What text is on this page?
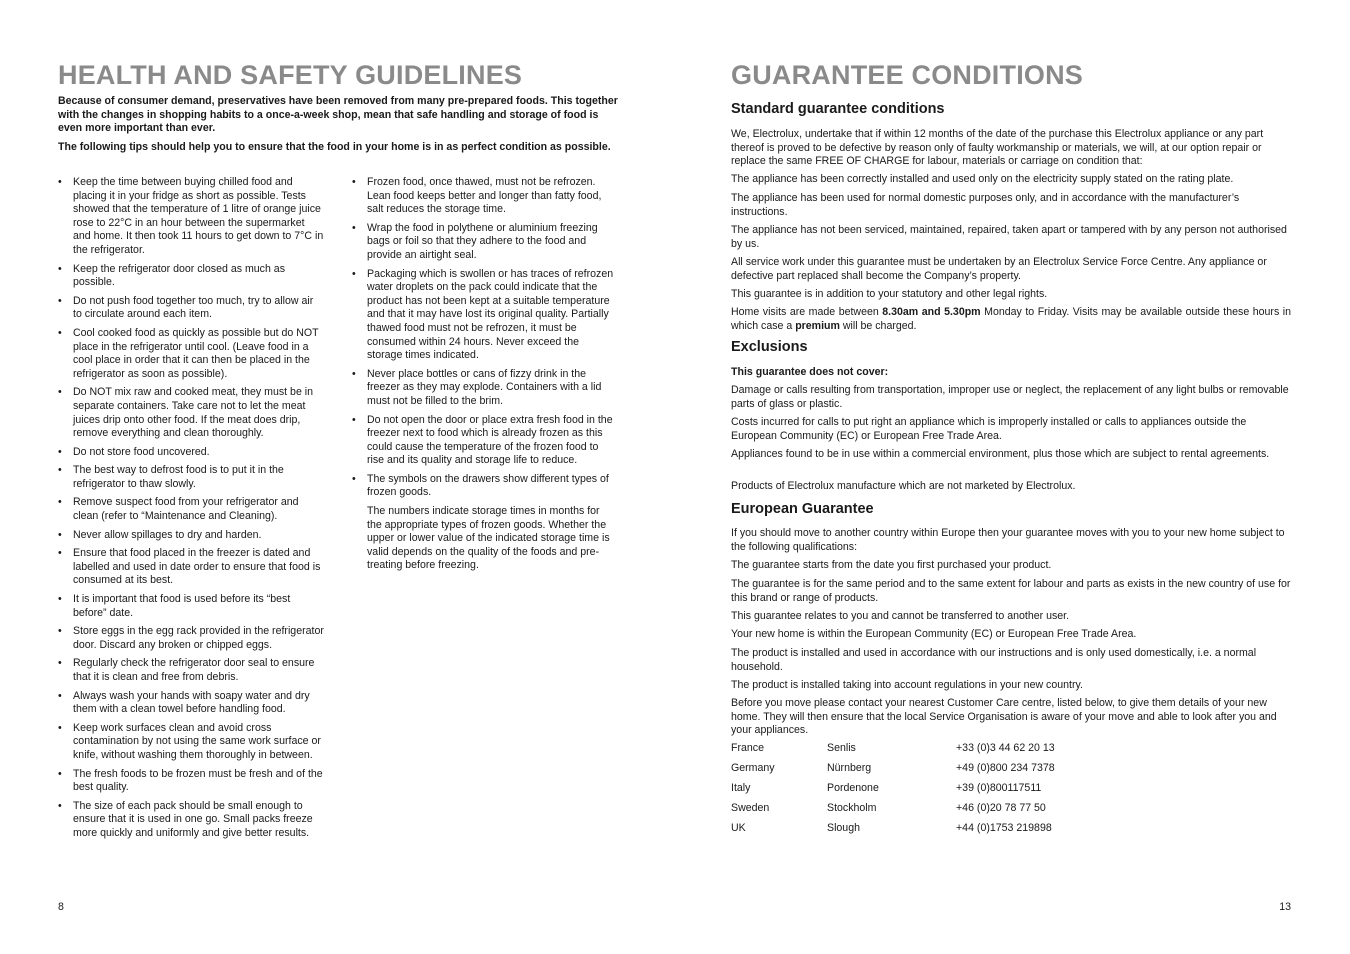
HEALTH AND SAFETY GUIDELINES

Because of consumer demand, preservatives have been removed from many pre-prepared foods. This together with the changes in shopping habits to a once-a-week shop, mean that safe handling and storage of food is even more important than ever.

The following tips should help you to ensure that the food in your home is in as perfect condition as possible.

• Keep the time between buying chilled food and placing it in your fridge as short as possible. Tests showed that the temperature of 1 litre of orange juice rose to 22°C in an hour between the supermarket and home. It then took 11 hours to get down to 7°C in the refrigerator.
• Keep the refrigerator door closed as much as possible.
• Do not push food together too much, try to allow air to circulate around each item.
• Cool cooked food as quickly as possible but do NOT place in the refrigerator until cool. (Leave food in a cool place in order that it can then be placed in the refrigerator as soon as possible).
• Do NOT mix raw and cooked meat, they must be in separate containers. Take care not to let the meat juices drip onto other food. If the meat does drip, remove everything and clean thoroughly.
• Do not store food uncovered.
• The best way to defrost food is to put it in the refrigerator to thaw slowly.
• Remove suspect food from your refrigerator and clean (refer to “Maintenance and Cleaning).
• Never allow spillages to dry and harden.
• Ensure that food placed in the freezer is dated and labelled and used in date order to ensure that food is consumed at its best.
• It is important that food is used before its “best before” date.
• Store eggs in the egg rack provided in the refrigerator door. Discard any broken or chipped eggs.
• Regularly check the refrigerator door seal to ensure that it is clean and free from debris.
• Always wash your hands with soapy water and dry them with a clean towel before handling food.
• Keep work surfaces clean and avoid cross contamination by not using the same work surface or knife, without washing them thoroughly in between.
• The fresh foods to be frozen must be fresh and of the best quality.
• The size of each pack should be small enough to ensure that it is used in one go. Small packs freeze more quickly and uniformly and give better results.
• Frozen food, once thawed, must not be refrozen. Lean food keeps better and longer than fatty food, salt reduces the storage time.
• Wrap the food in polythene or aluminium freezing bags or foil so that they adhere to the food and provide an airtight seal.
• Packaging which is swollen or has traces of refrozen water droplets on the pack could indicate that the product has not been kept at a suitable temperature and that it may have lost its original quality. Partially thawed food must not be refrozen, it must be consumed within 24 hours. Never exceed the storage times indicated.
• Never place bottles or cans of fizzy drink in the freezer as they may explode. Containers with a lid must not be filled to the brim.
• Do not open the door or place extra fresh food in the freezer next to food which is already frozen as this could cause the temperature of the frozen food to rise and its quality and storage life to reduce.
• The symbols on the drawers show different types of frozen goods.

The numbers indicate storage times in months for the appropriate types of frozen goods. Whether the upper or lower value of the indicated storage time is valid depends on the quality of the foods and pre-treating before freezing.

8
GUARANTEE CONDITIONS
Standard guarantee conditions

We, Electrolux, undertake that if within 12 months of the date of the purchase this Electrolux appliance or any part thereof is proved to be defective by reason only of faulty workmanship or materials, we will, at our option repair or replace the same FREE OF CHARGE for labour, materials or carriage on condition that:

The appliance has been correctly installed and used only on the electricity supply stated on the rating plate.

The appliance has been used for normal domestic purposes only, and in accordance with the manufacturer’s instructions.

The appliance has not been serviced, maintained, repaired, taken apart or tampered with by any person not authorised by us.

All service work under this guarantee must be undertaken by an Electrolux Service Force Centre. Any appliance or defective part replaced shall become the Company’s property.

This guarantee is in addition to your statutory and other legal rights.

Home visits are made between 8.30am and 5.30pm Monday to Friday. Visits may be available outside these hours in which case a premium will be charged.

Exclusions

This guarantee does not cover:

Damage or calls resulting from transportation, improper use or neglect, the replacement of any light bulbs or removable parts of glass or plastic.

Costs incurred for calls to put right an appliance which is improperly installed or calls to appliances outside the European Community (EC) or European Free Trade Area.

Appliances found to be in use within a commercial environment, plus those which are subject to rental agreements.

Products of Electrolux manufacture which are not marketed by Electrolux.

European Guarantee

If you should move to another country within Europe then your guarantee moves with you to your new home subject to the following qualifications:

The guarantee starts from the date you first purchased your product.

The guarantee is for the same period and to the same extent for labour and parts as exists in the new country of use for this brand or range of products.

This guarantee relates to you and cannot be transferred to another user.

Your new home is within the European Community (EC) or European Free Trade Area.

The product is installed and used in accordance with our instructions and is only used domestically, i.e. a normal household.

The product is installed taking into account regulations in your new country.

Before you move please contact your nearest Customer Care centre, listed below, to give them details of your new home. They will then ensure that the local Service Organisation is aware of your move and able to look after you and your appliances.

France	Senlis	+33 (0)3 44 62 20 13
Germany	Nürnberg	+49 (0)800 234 7378
Italy	Pordenone	+39 (0)800117511
Sweden	Stockholm	+46 (0)20 78 77 50
UK	Slough	+44 (0)1753 219898
13
